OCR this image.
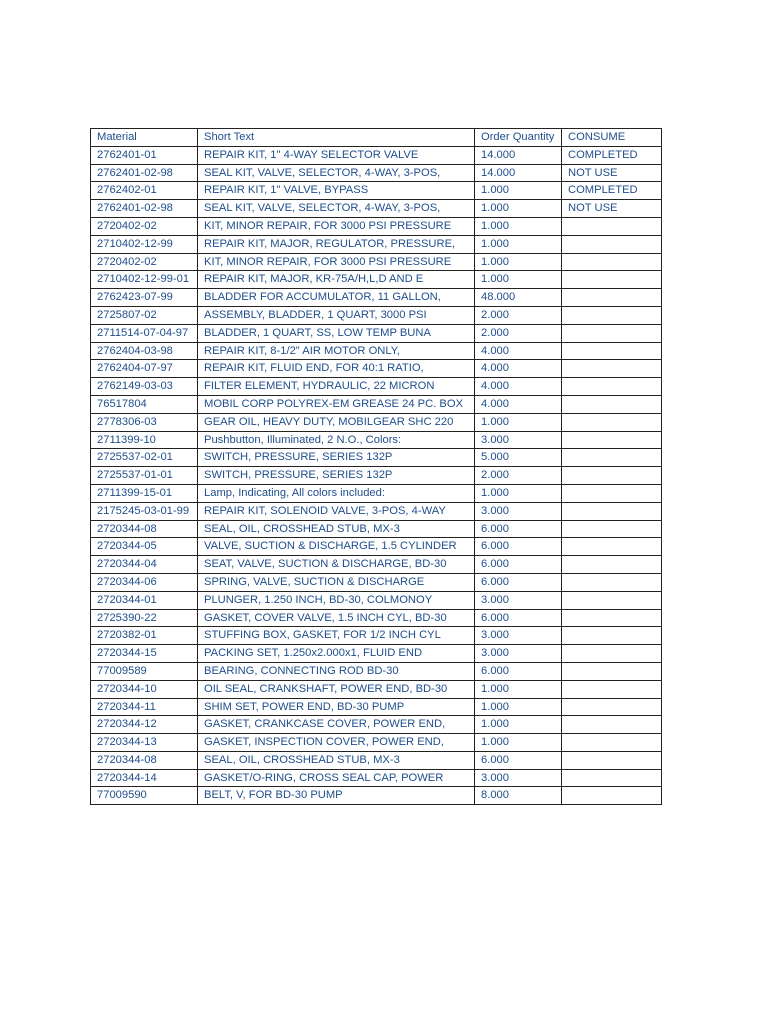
Material	Short Text	Order Quantity	CONSUME
2762401-01	REPAIR KIT, 1" 4-WAY SELECTOR VALVE	14.000	COMPLETED
2762401-02-98	SEAL KIT, VALVE, SELECTOR, 4-WAY, 3-POS,	14.000	NOT USE
2762402-01	REPAIR KIT, 1" VALVE, BYPASS	1.000	COMPLETED
2762401-02-98	SEAL KIT, VALVE, SELECTOR, 4-WAY, 3-POS,	1.000	NOT USE
2720402-02	KIT, MINOR REPAIR, FOR 3000 PSI PRESSURE	1.000	
2710402-12-99	REPAIR KIT, MAJOR, REGULATOR, PRESSURE,	1.000	
2720402-02	KIT, MINOR REPAIR, FOR 3000 PSI PRESSURE	1.000	
2710402-12-99-01	REPAIR KIT, MAJOR, KR-75A/H,L,D AND E	1.000	
2762423-07-99	BLADDER FOR ACCUMULATOR, 11 GALLON,	48.000	
2725807-02	ASSEMBLY, BLADDER, 1 QUART, 3000 PSI	2.000	
2711514-07-04-97	BLADDER, 1 QUART, SS, LOW TEMP BUNA	2.000	
2762404-03-98	REPAIR KIT, 8-1/2" AIR MOTOR ONLY,	4.000	
2762404-07-97	REPAIR KIT, FLUID END, FOR 40:1 RATIO,	4.000	
2762149-03-03	FILTER ELEMENT, HYDRAULIC, 22 MICRON	4.000	
76517804	MOBIL CORP POLYREX-EM GREASE 24 PC. BOX	4.000	
2778306-03	GEAR OIL, HEAVY DUTY, MOBILGEAR SHC 220	1.000	
2711399-10	Pushbutton, Illuminated, 2 N.O., Colors:	3.000	
2725537-02-01	SWITCH, PRESSURE, SERIES 132P	5.000	
2725537-01-01	SWITCH, PRESSURE, SERIES 132P	2.000	
2711399-15-01	Lamp, Indicating, All colors included:	1.000	
2175245-03-01-99	REPAIR KIT, SOLENOID VALVE, 3-POS, 4-WAY	3.000	
2720344-08	SEAL, OIL, CROSSHEAD STUB, MX-3	6.000	
2720344-05	VALVE, SUCTION & DISCHARGE, 1.5 CYLINDER	6.000	
2720344-04	SEAT, VALVE, SUCTION & DISCHARGE, BD-30	6.000	
2720344-06	SPRING, VALVE, SUCTION & DISCHARGE	6.000	
2720344-01	PLUNGER, 1.250 INCH, BD-30, COLMONOY	3.000	
2725390-22	GASKET, COVER VALVE, 1.5 INCH CYL, BD-30	6.000	
2720382-01	STUFFING BOX, GASKET, FOR 1/2 INCH CYL	3.000	
2720344-15	PACKING SET, 1.250x2.000x1, FLUID END	3.000	
77009589	BEARING, CONNECTING ROD BD-30	6.000	
2720344-10	OIL SEAL, CRANKSHAFT, POWER END, BD-30	1.000	
2720344-11	SHIM SET, POWER END, BD-30 PUMP	1.000	
2720344-12	GASKET, CRANKCASE COVER, POWER END,	1.000	
2720344-13	GASKET, INSPECTION COVER, POWER END,	1.000	
2720344-08	SEAL, OIL, CROSSHEAD STUB, MX-3	6.000	
2720344-14	GASKET/O-RING, CROSS SEAL CAP, POWER	3.000	
77009590	BELT, V, FOR BD-30 PUMP	8.000	
